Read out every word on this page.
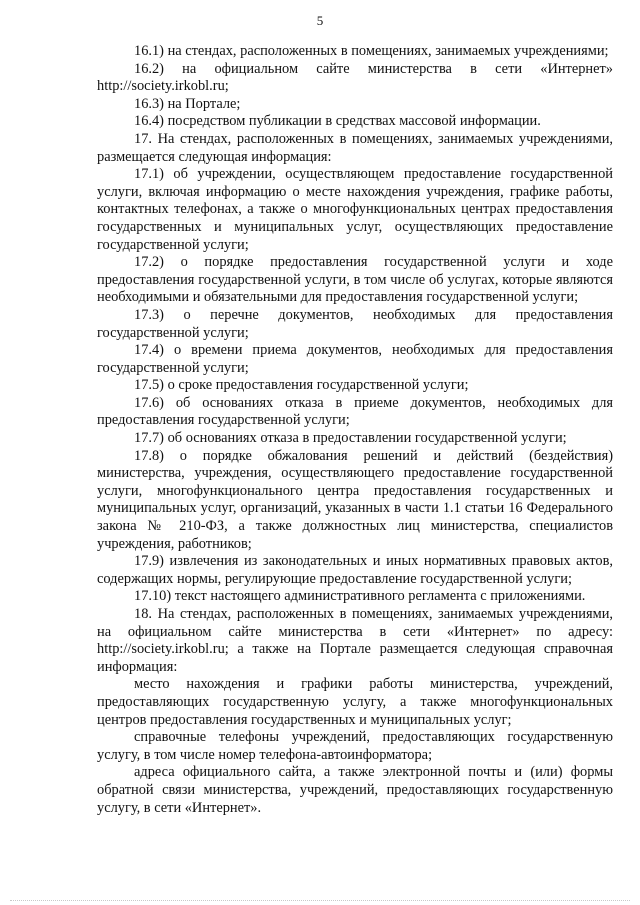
5

16.1) на стендах, расположенных в помещениях, занимаемых учреждениями;

16.2) на официальном сайте министерства в сети «Интернет» http://society.irkobl.ru;

16.3) на Портале;

16.4) посредством публикации в средствах массовой информации.

17. На стендах, расположенных в помещениях, занимаемых учреждениями, размещается следующая информация:

17.1) об учреждении, осуществляющем предоставление государственной услуги, включая информацию о месте нахождения учреждения, графике работы, контактных телефонах, а также о многофункциональных центрах предоставления государственных и муниципальных услуг, осуществляющих предоставление государственной услуги;

17.2) о порядке предоставления государственной услуги и ходе предоставления государственной услуги, в том числе об услугах, которые являются необходимыми и обязательными для предоставления государственной услуги;

17.3) о перечне документов, необходимых для предоставления государственной услуги;

17.4) о времени приема документов, необходимых для предоставления государственной услуги;

17.5) о сроке предоставления государственной услуги;

17.6) об основаниях отказа в приеме документов, необходимых для предоставления государственной услуги;

17.7) об основаниях отказа в предоставлении государственной услуги;

17.8) о порядке обжалования решений и действий (бездействия) министерства, учреждения, осуществляющего предоставление государственной услуги, многофункционального центра предоставления государственных и муниципальных услуг, организаций, указанных в части 1.1 статьи 16 Федерального закона № 210-ФЗ, а также должностных лиц министерства, специалистов учреждения, работников;

17.9) извлечения из законодательных и иных нормативных правовых актов, содержащих нормы, регулирующие предоставление государственной услуги;

17.10) текст настоящего административного регламента с приложениями.

18. На стендах, расположенных в помещениях, занимаемых учреждениями, на официальном сайте министерства в сети «Интернет» по адресу: http://society.irkobl.ru; а также на Портале размещается следующая справочная информация:

место нахождения и графики работы министерства, учреждений, предоставляющих государственную услугу, а также многофункциональных центров предоставления государственных и муниципальных услуг;

справочные телефоны учреждений, предоставляющих государственную услугу, в том числе номер телефона-автоинформатора;

адреса официального сайта, а также электронной почты и (или) формы обратной связи министерства, учреждений, предоставляющих государственную услугу, в сети «Интернет».
